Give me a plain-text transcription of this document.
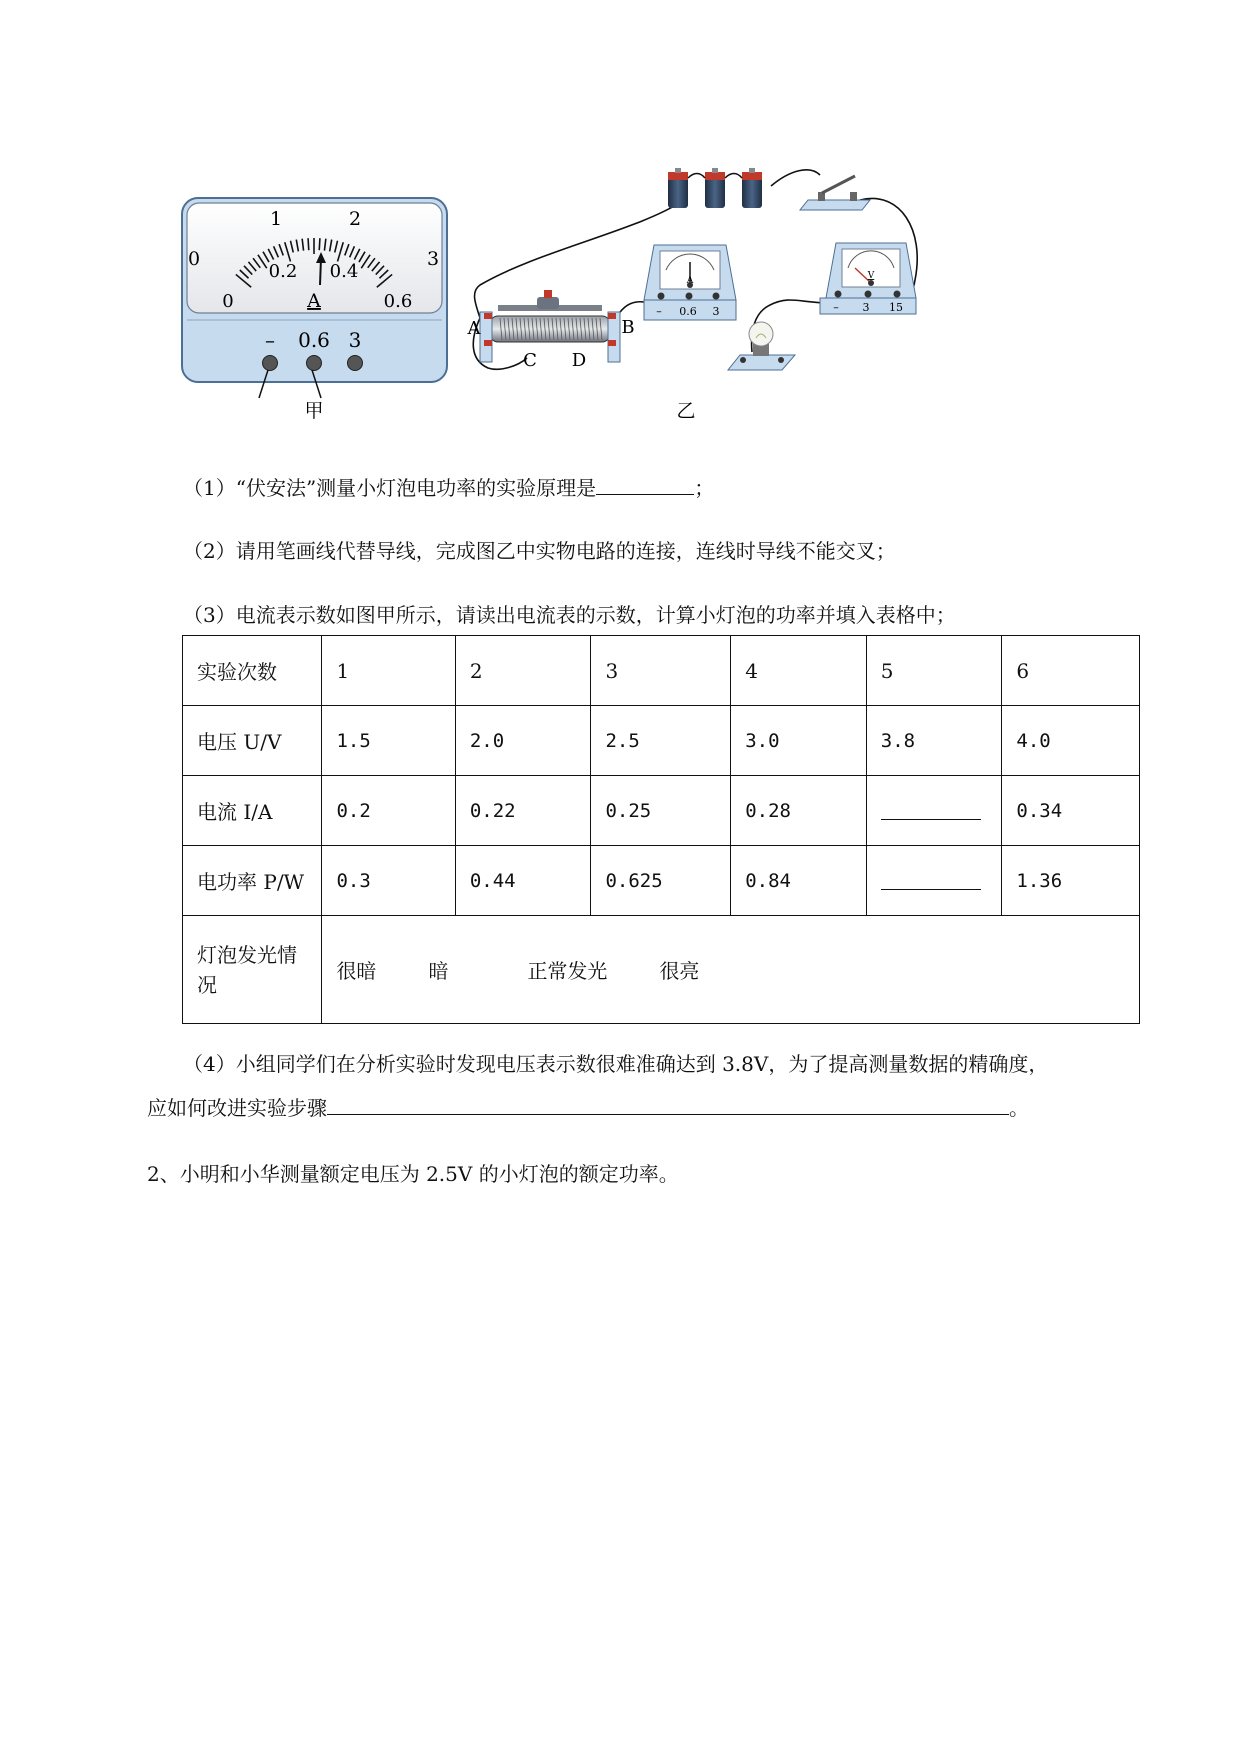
0
1	2
3
0
0.2 0.4
0.6
A
– 0.6 3
甲
A	B
C D
A
– 0.6 3
V
– 3 15
乙
（1）“伏安法”测量小灯泡电功率的实验原理是	；
（2）请用笔画线代替导线，完成图乙中实物电路的连接，连线时导线不能交叉；
（3）电流表示数如图甲所示，请读出电流表的示数，计算小灯泡的功率并填入表格中；
实验次数	1	2	3	4	5	6
电压 U/V	1.5	2.0	2.5	3.0	3.8	4.0
电流 I/A	0.2	0.22	0.25	0.28		0.34
电功率 P/W	0.3	0.44	0.625	0.84		1.36
灯泡发光情况	很暗 暗 正常发光 很亮					
（4）小组同学们在分析实验时发现电压表示数很难准确达到 3.8V，为了提高测量数据的精确度，
应如何改进实验步骤	。
2、小明和小华测量额定电压为 2.5V 的小灯泡的额定功率。
